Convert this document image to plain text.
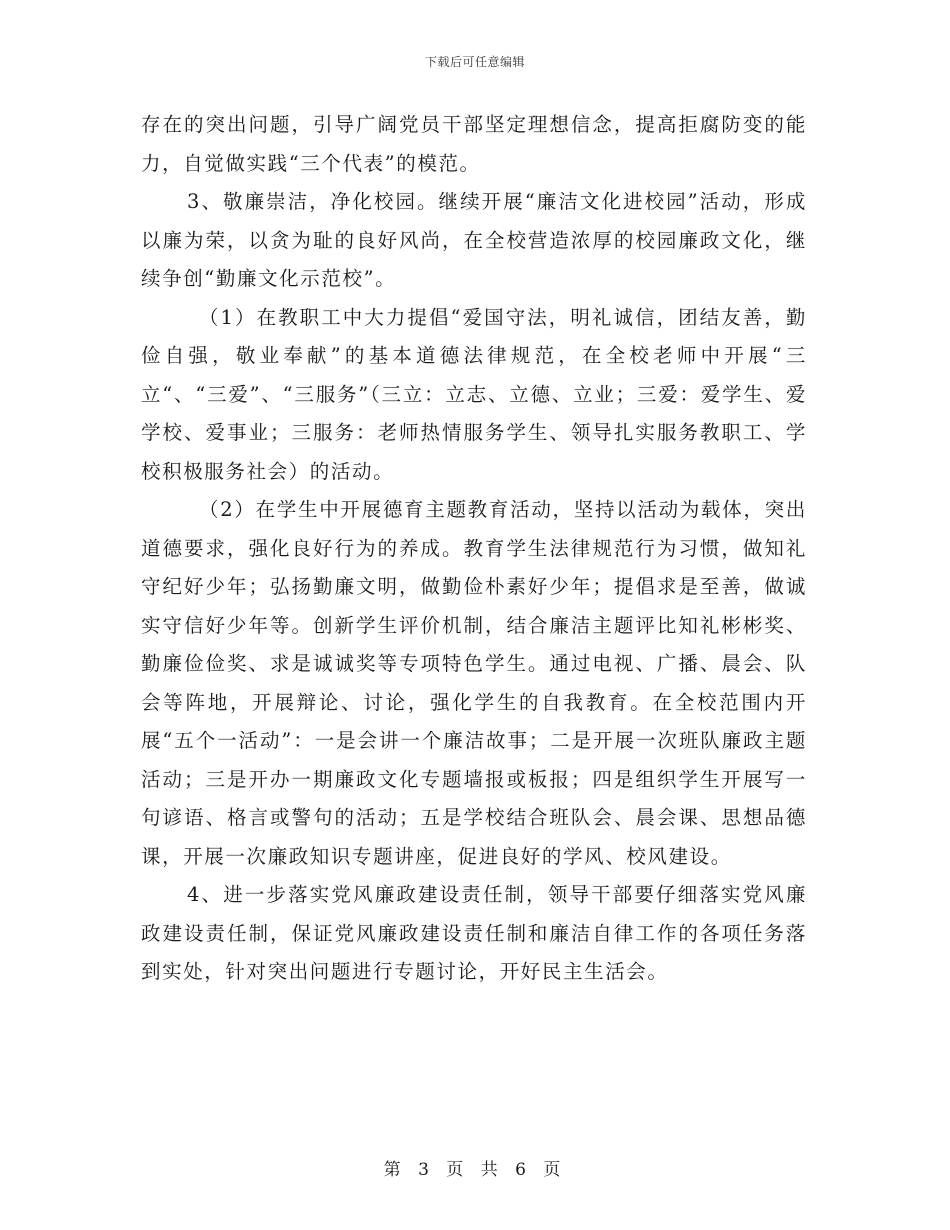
下载后可任意编辑

存在的突出问题，引导广阔党员干部坚定理想信念，提高拒腐防变的能力，自觉做实践“三个代表”的模范。

3、敬廉崇洁，净化校园。继续开展“廉洁文化进校园”活动，形成以廉为荣，以贪为耻的良好风尚，在全校营造浓厚的校园廉政文化，继续争创“勤廉文化示范校”。

（1）在教职工中大力提倡“爱国守法，明礼诚信，团结友善，勤俭自强，敬业奉献”的基本道德法律规范，在全校老师中开展“三立“、“三爱”、“三服务”（三立：立志、立德、立业；三爱：爱学生、爱学校、爱事业；三服务：老师热情服务学生、领导扎实服务教职工、学校积极服务社会）的活动。

（2）在学生中开展德育主题教育活动，坚持以活动为载体，突出道德要求，强化良好行为的养成。教育学生法律规范行为习惯，做知礼守纪好少年；弘扬勤廉文明，做勤俭朴素好少年；提倡求是至善，做诚实守信好少年等。创新学生评价机制，结合廉洁主题评比知礼彬彬奖、勤廉俭俭奖、求是诚诚奖等专项特色学生。通过电视、广播、晨会、队会等阵地，开展辩论、讨论，强化学生的自我教育。在全校范围内开展“五个一活动”：一是会讲一个廉洁故事；二是开展一次班队廉政主题活动；三是开办一期廉政文化专题墙报或板报；四是组织学生开展写一句谚语、格言或警句的活动；五是学校结合班队会、晨会课、思想品德课，开展一次廉政知识专题讲座，促进良好的学风、校风建设。

4、进一步落实党风廉政建设责任制，领导干部要仔细落实党风廉政建设责任制，保证党风廉政建设责任制和廉洁自律工作的各项任务落到实处，针对突出问题进行专题讨论，开好民主生活会。

第 3 页 共 6 页
